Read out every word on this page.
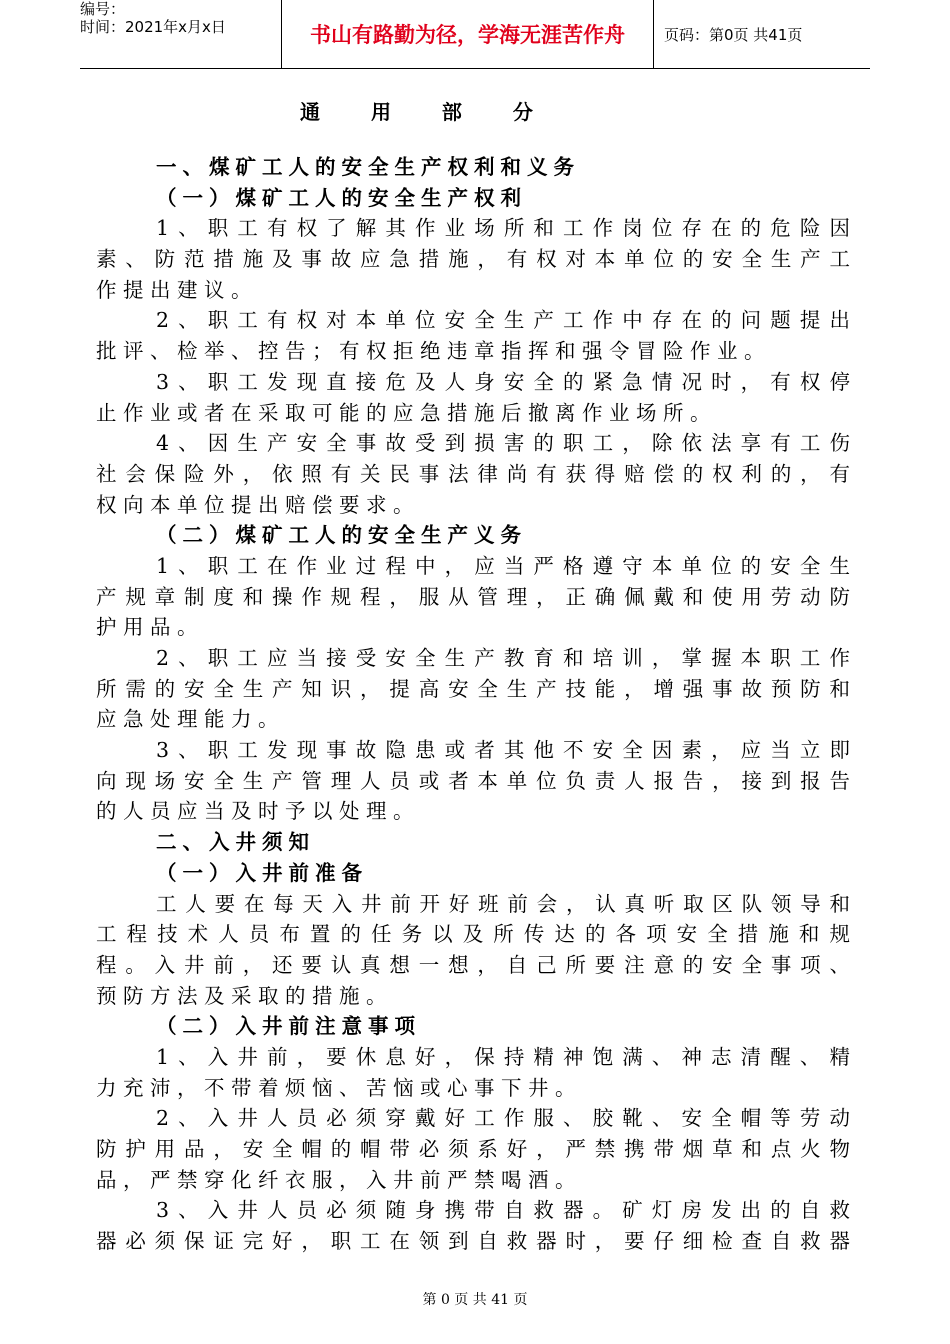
编号：
时间：2021年x月x日	书山有路勤为径，学海无涯苦作舟	页码：第0页 共41页
通 用 部 分
一、煤矿工人的安全生产权利和义务
（一）煤矿工人的安全生产权利
1、职工有权了解其作业场所和工作岗位存在的危险因
素、防范措施及事故应急措施，有权对本单位的安全生产工
作提出建议。
2、职工有权对本单位安全生产工作中存在的问题提出
批评、检举、控告；有权拒绝违章指挥和强令冒险作业。
3、职工发现直接危及人身安全的紧急情况时，有权停
止作业或者在采取可能的应急措施后撤离作业场所。
4、因生产安全事故受到损害的职工，除依法享有工伤
社会保险外，依照有关民事法律尚有获得赔偿的权利的，有
权向本单位提出赔偿要求。
（二）煤矿工人的安全生产义务
1、职工在作业过程中，应当严格遵守本单位的安全生
产规章制度和操作规程，服从管理，正确佩戴和使用劳动防
护用品。
2、职工应当接受安全生产教育和培训，掌握本职工作
所需的安全生产知识，提高安全生产技能，增强事故预防和
应急处理能力。
3、职工发现事故隐患或者其他不安全因素，应当立即
向现场安全生产管理人员或者本单位负责人报告，接到报告
的人员应当及时予以处理。
二、入井须知
（一）入井前准备
工人要在每天入井前开好班前会，认真听取区队领导和
工程技术人员布置的任务以及所传达的各项安全措施和规
程。入井前，还要认真想一想，自己所要注意的安全事项、
预防方法及采取的措施。
（二）入井前注意事项
1、入井前，要休息好，保持精神饱满、神志清醒、精
力充沛，不带着烦恼、苦恼或心事下井。
2、入井人员必须穿戴好工作服、胶靴、安全帽等劳动
防护用品，安全帽的帽带必须系好，严禁携带烟草和点火物
品，严禁穿化纤衣服，入井前严禁喝酒。
3、入井人员必须随身携带自救器。矿灯房发出的自救
器必须保证完好，职工在领到自救器时，要仔细检查自救器
第 0 页 共 41 页
